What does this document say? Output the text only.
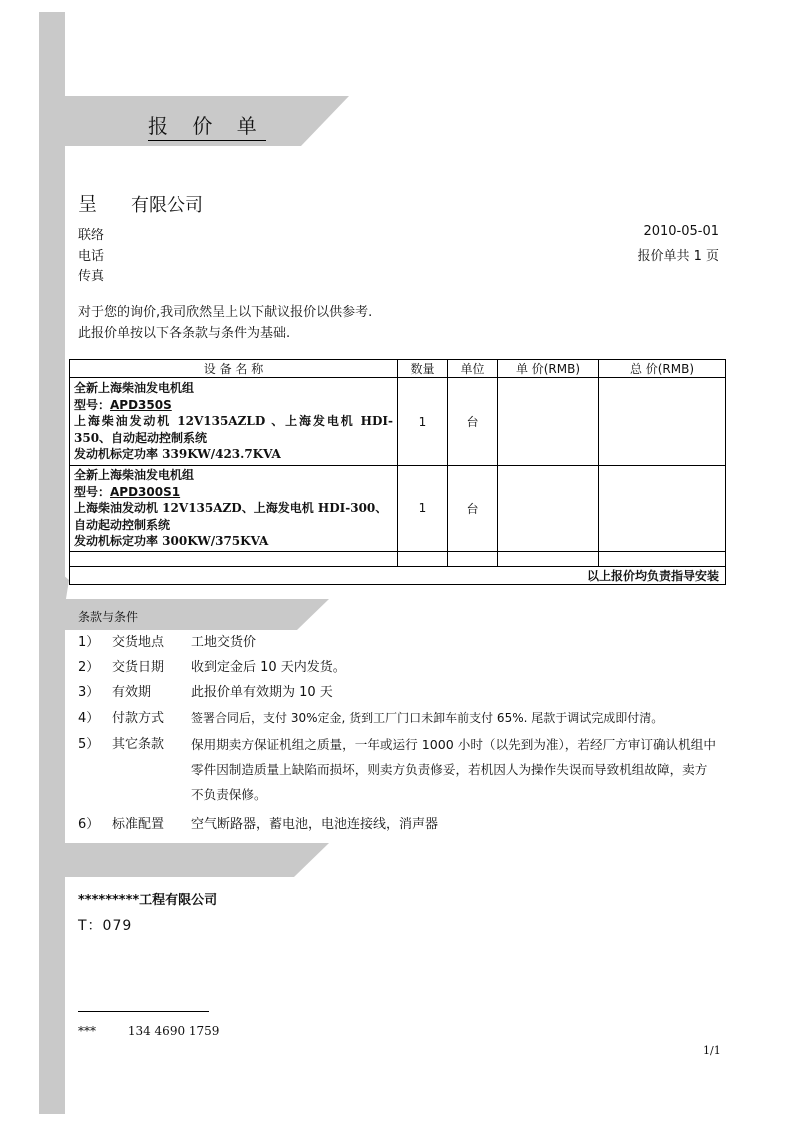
报 价 单
呈 有限公司
联络
电话
传真
2010-05-01
报价单共 1 页
对于您的询价,我司欣然呈上以下献议报价以供参考.
此报价单按以下各条款与条件为基础.
设 备 名 称	数量	单位	单 价(RMB)	总 价(RMB)

全新上海柴油发电机组
型号：APD350S
上海柴油发动机 12V135AZLD 、上海发电机 HDI-350、自动起动控制系统
发动机标定功率 339KW/423.7KVA	1	台		

全新上海柴油发电机组
型号：APD300S1
上海柴油发动机 12V135AZD、上海发电机 HDI-300、自动起动控制系统
发动机标定功率 300KW/375KVA	1	台		

以上报价均负责指导安装				
条款与条件
1） 交货地点 工地交货价
2） 交货日期 收到定金后 10 天内发货。
3） 有效期	此报价单有效期为 10 天
4） 付款方式 签署合同后，支付 30%定金, 货到工厂门口未卸车前支付 65%. 尾款于调试完成即付清。
5） 其它条款 保用期卖方保证机组之质量，一年或运行 1000 小时（以先到为准），若经厂方审订确认机组中零件因制造质量上缺陷而损坏，则卖方负责修妥，若机因人为操作失误而导致机组故障，卖方不负责保修。
6） 标准配置 空气断路器，蓄电池，电池连接线，消声器
*********工程有限公司
T：079
***	134 4690 1759
1/1
